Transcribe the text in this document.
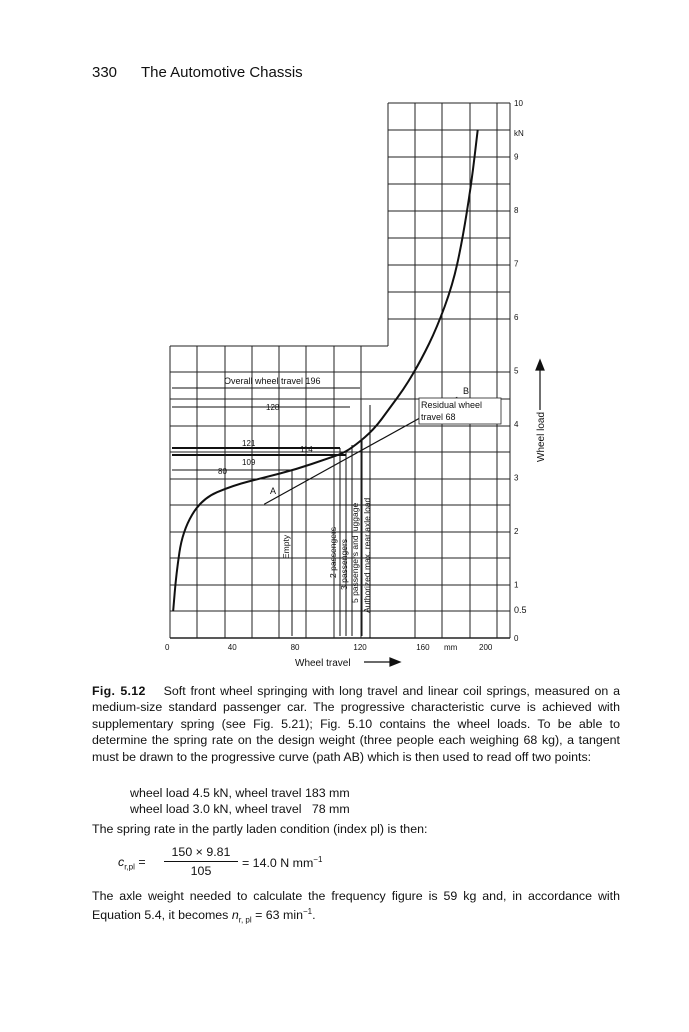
330 The Automotive Chassis
0	40	80	120	160	200
0
1
2
3
4
5
6
7
8
9
10
Overall wheel travel 196
Residual wheel
travel 68
128
121
114
109
80
A
B
Empty	2 passengers 3 passengers 5 passengers and luggage Authorized max. rear axle load
Wheel load
Wheel travel
0.5
kN
mm
Fig. 5.12 Soft front wheel springing with long travel and linear coil springs, measured on a medium-size standard passenger car. The progressive characteristic curve is achieved with supplementary spring (see Fig. 5.21); Fig. 5.10 contains the wheel loads. To be able to determine the spring rate on the design weight (three people each weighing 68 kg), a tangent must be drawn to the progressive curve (path AB) which is then used to read off two points:
wheel load 4.5 kN, wheel travel 183 mm
wheel load 3.0 kN, wheel travel   78 mm
The spring rate in the partly laden condition (index pl) is then:
$c_{r,pl}$ =
150 × 9.81
105
= 14.0 N $mm^{-1}$
The axle weight needed to calculate the frequency figure is 59 kg and, in accordance with Equation 5.4, it becomes $n_{r, pl} = 63$ $\min^{-1}$.
